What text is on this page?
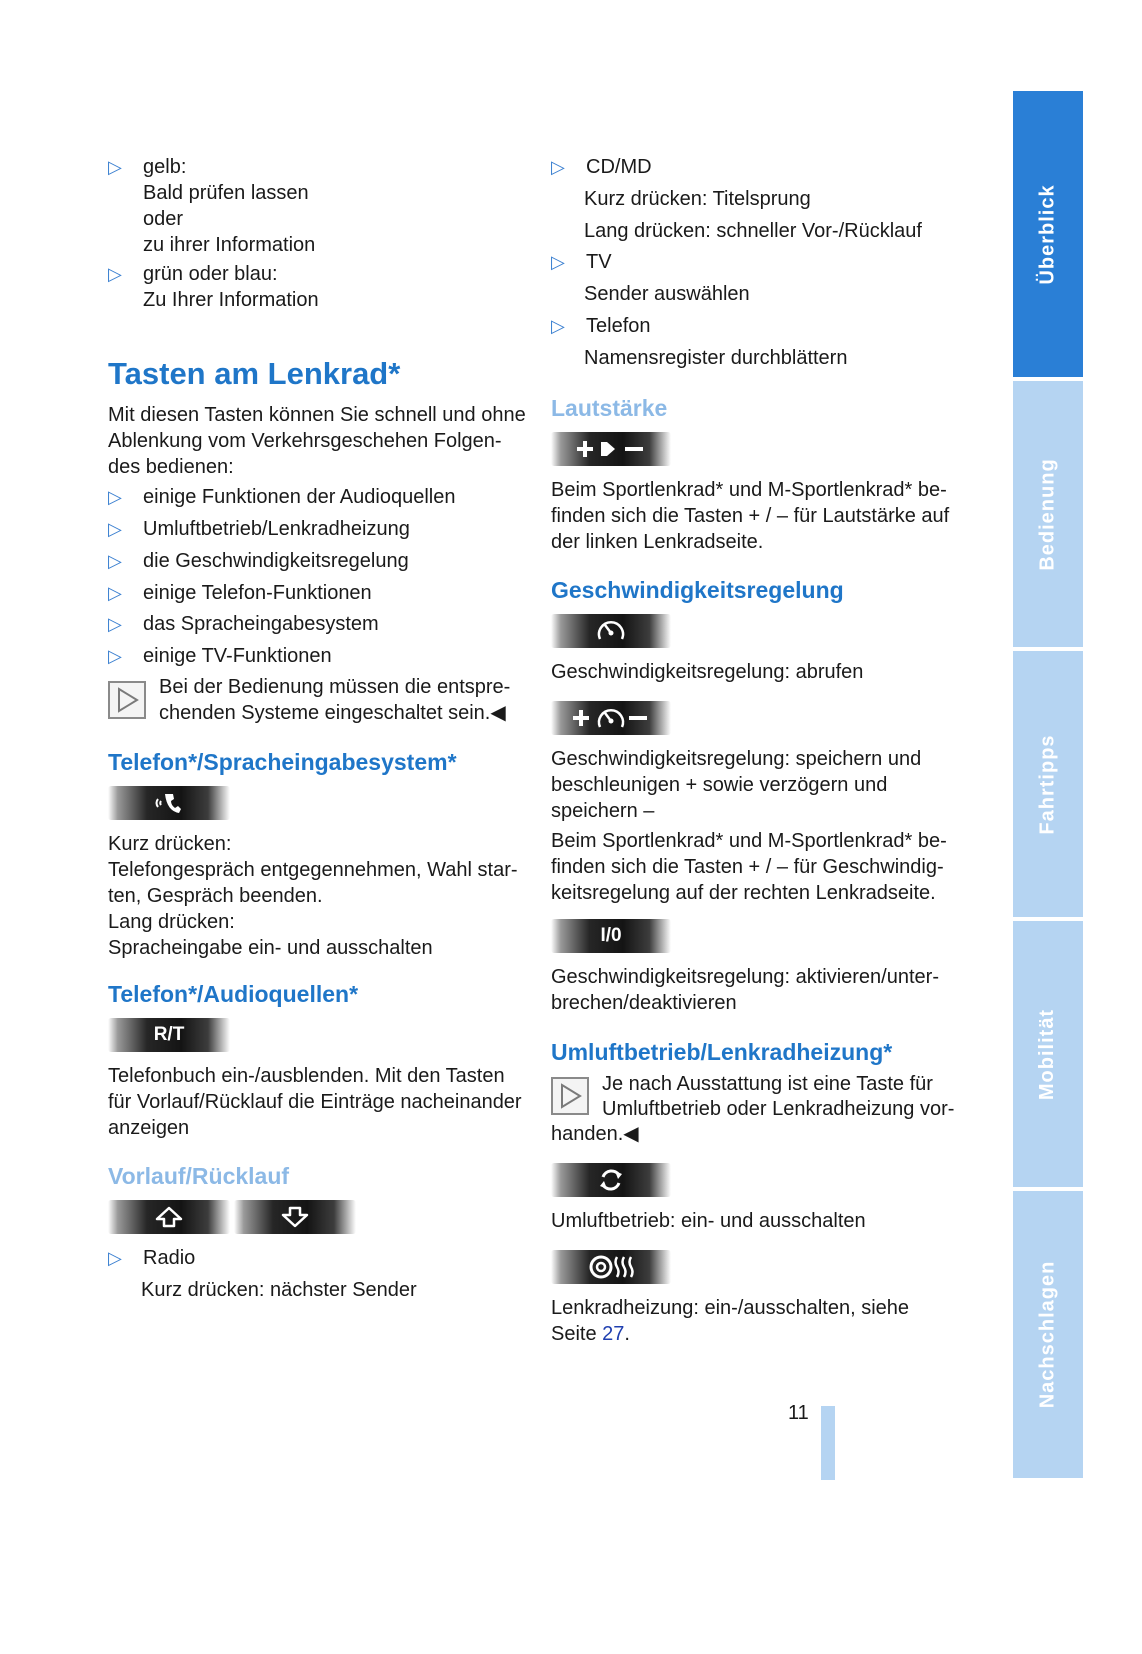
▷ gelb:
Bald prüfen lassen
oder
zu ihrer Information
▷ grün oder blau:
Zu Ihrer Information
Tasten am Lenkrad*
Mit diesen Tasten können Sie schnell und ohne
Ablenkung vom Verkehrsgeschehen Folgen-
des bedienen:
▷ einige Funktionen der Audioquellen
▷ Umluftbetrieb/Lenkradheizung
▷ die Geschwindigkeitsregelung
▷ einige Telefon-Funktionen
▷ das Spracheingabesystem
▷ einige TV-Funktionen
Bei der Bedienung müssen die entspre-
chenden Systeme eingeschaltet sein.◀
Telefon*/Spracheingabesystem*
Kurz drücken:
Telefongespräch entgegennehmen, Wahl star-
ten, Gespräch beenden.
Lang drücken:
Spracheingabe ein- und ausschalten
Telefon*/Audioquellen*
R/T
Telefonbuch ein-/ausblenden. Mit den Tasten
für Vorlauf/Rücklauf die Einträge nacheinander
anzeigen
Vorlauf/Rücklauf
▷ Radio
Kurz drücken: nächster Sender
▷ CD/MD
Kurz drücken: Titelsprung
Lang drücken: schneller Vor-/Rücklauf
▷ TV
Sender auswählen
▷ Telefon
Namensregister durchblättern
Lautstärke
Beim Sportlenkrad* und M-Sportlenkrad* be-
finden sich die Tasten + / – für Lautstärke auf
der linken Lenkradseite.
Geschwindigkeitsregelung
Geschwindigkeitsregelung: abrufen
Geschwindigkeitsregelung: speichern und
beschleunigen + sowie verzögern und
speichern –
Beim Sportlenkrad* und M-Sportlenkrad* be-
finden sich die Tasten + / – für Geschwindig-
keitsregelung auf der rechten Lenkradseite.
I/0
Geschwindigkeitsregelung: aktivieren/unter-
brechen/deaktivieren
Umluftbetrieb/Lenkradheizung*
Je nach Ausstattung ist eine Taste für
Umluftbetrieb oder Lenkradheizung vor-
handen.◀
Umluftbetrieb: ein- und ausschalten
Lenkradheizung: ein-/ausschalten, siehe
Seite 27.
11
Überblick
Bedienung
Fahrtipps
Mobilität
Nachschlagen
